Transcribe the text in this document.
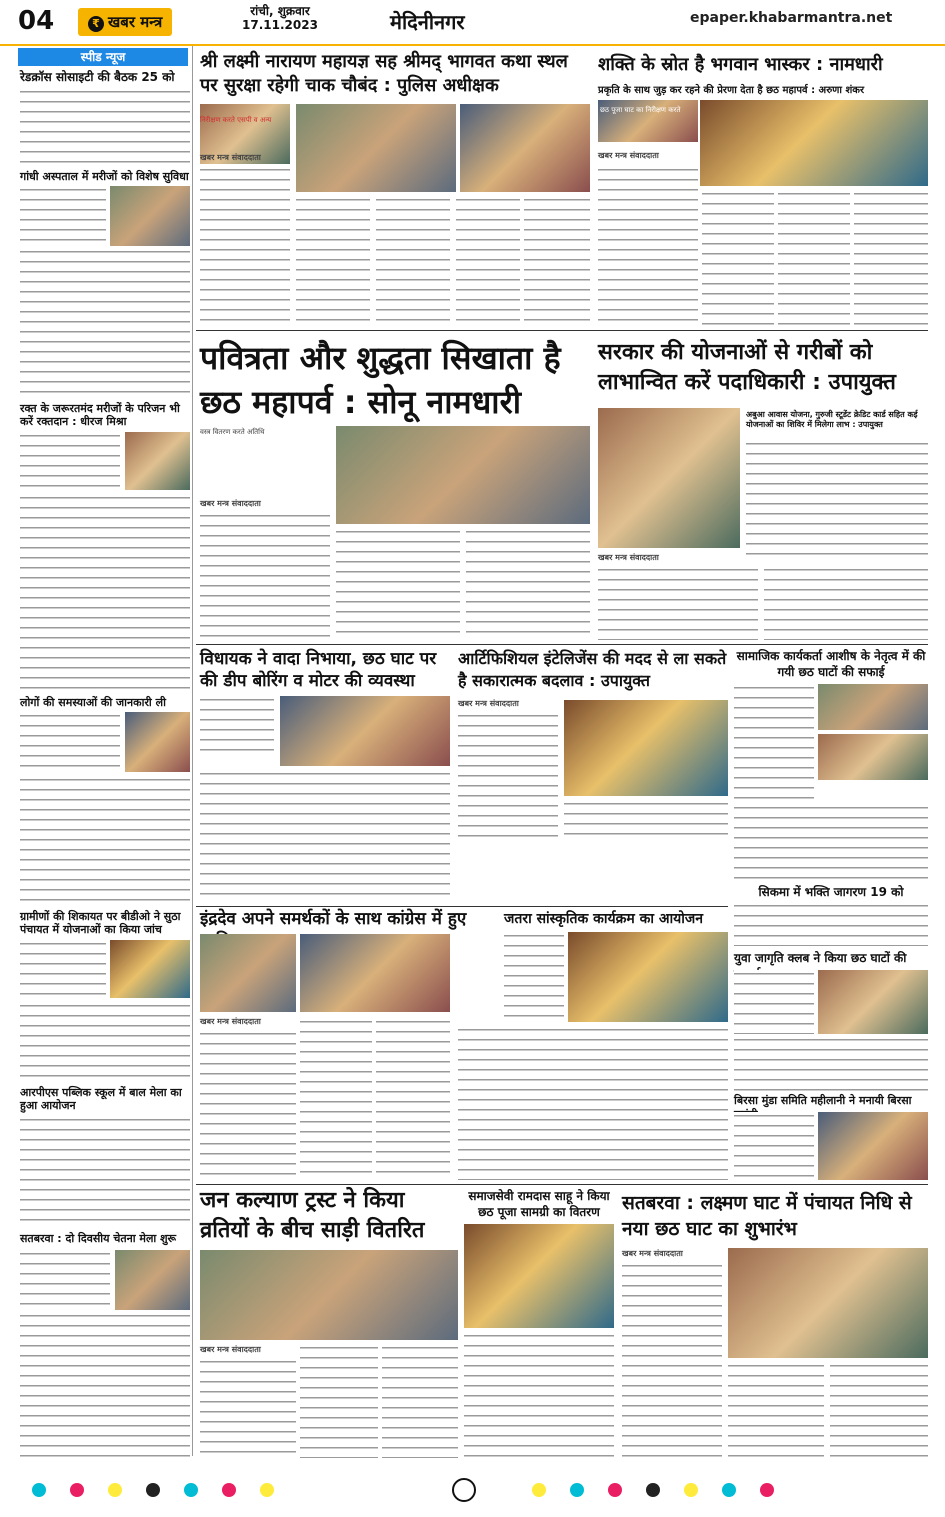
04	₹ खबर मन्त्र
रांची, शुक्रवार
17.11.2023	मेदिनीनगर	epaper.khabarmantra.net
स्पीड न्यूज
रेडक्रॉस सोसाइटी की बैठक 25 को
गांधी अस्पताल में मरीजों को विशेष सुविधा
रक्त के जरूरतमंद मरीजों के परिजन भी करें रक्तदान : धीरज मिश्रा
लोगों की समस्याओं की जानकारी ली
ग्रामीणों की शिकायत पर बीडीओ ने सुठा पंचायत में योजनाओं का किया जांच
आरपीएस पब्लिक स्कूल में बाल मेला का हुआ आयोजन
सतबरवा : दो दिवसीय चेतना मेला शुरू
श्री लक्ष्मी नारायण महायज्ञ सह श्रीमद् भागवत कथा स्थल पर सुरक्षा रहेगी चाक चौबंद : पुलिस अधीक्षक
निरीक्षण करते एसपी व अन्य
खबर मन्त्र संवाददाता
शक्ति के स्रोत है भगवान भास्कर : नामधारी
प्रकृति के साथ जुड़ कर रहने की प्रेरणा देता है छठ महापर्व : अरुणा शंकर
छठ पूजा घाट का निरीक्षण करते
खबर मन्त्र संवाददाता
पवित्रता और शुद्धता सिखाता है छठ महापर्व : सोनू नामधारी
वस्त्र वितरण करते अतिथि
खबर मन्त्र संवाददाता
सरकार की योजनाओं से गरीबों को लाभान्वित करें पदाधिकारी : उपायुक्त
अबुआ आवास योजना, गुरुजी स्टूडेंट क्रेडिट कार्ड सहित कई योजनाओं का शिविर में मिलेगा लाभ : उपायुक्त
खबर मन्त्र संवाददाता
विधायक ने वादा निभाया, छठ घाट पर की डीप बोरिंग व मोटर की व्यवस्था
आर्टिफिशियल इंटेलिजेंस की मदद से ला सकते है सकारात्मक बदलाव : उपायुक्त
खबर मन्त्र संवाददाता
सामाजिक कार्यकर्ता आशीष के नेतृत्व में की गयी छठ घाटों की सफाई
सिकमा में भक्ति जागरण 19 को
इंद्रदेव अपने समर्थकों के साथ कांग्रेस में हुए
खबर मन्त्र संवाददाता
जतरा सांस्कृतिक कार्यक्रम का आयोजन
युवा जागृति क्लब ने किया छठ घाटों की
बिरसा मुंडा समिति महीलानी ने मनायी बिरसा
जन कल्याण ट्रस्ट ने किया व्रतियों के बीच साड़ी वितरित
खबर मन्त्र संवाददाता
समाजसेवी रामदास साहू ने किया छठ पूजा सामग्री का वितरण	सतबरवा : लक्ष्मण घाट में पंचायत निधि से नया छठ घाट का शुभारंभ
खबर मन्त्र संवाददाता
